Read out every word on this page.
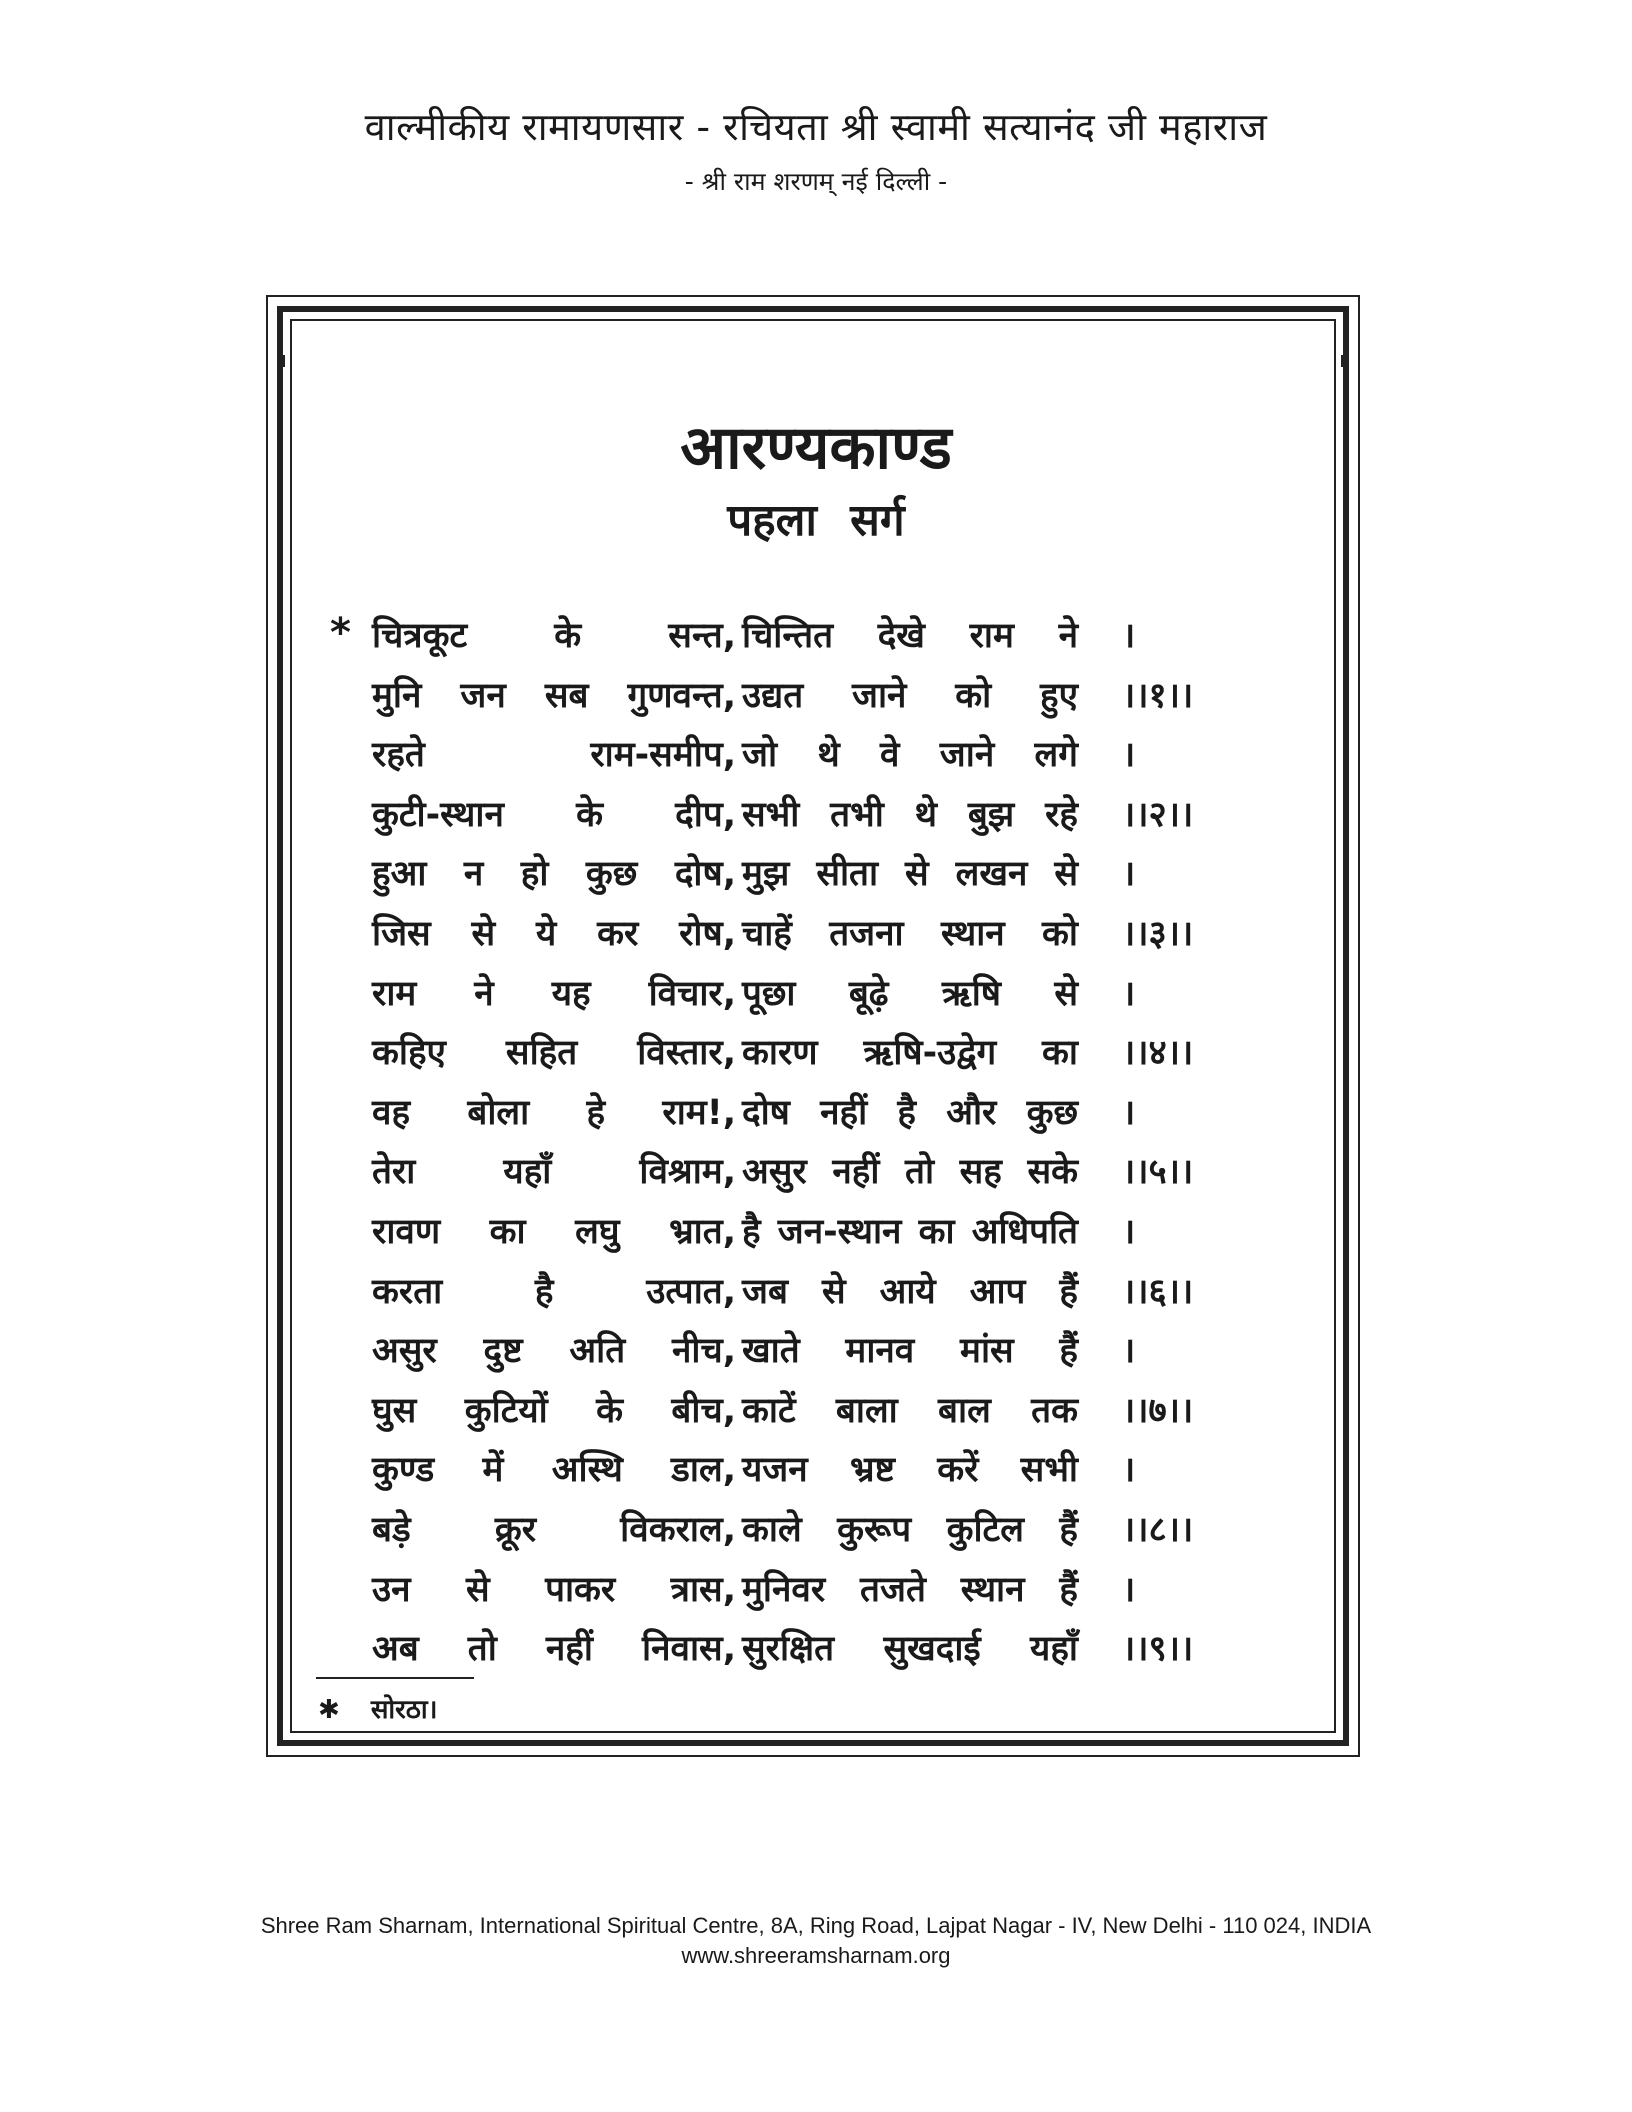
वाल्मीकीय रामायणसार - रचियता श्री स्वामी सत्यानंद जी महाराज
- श्री राम शरणम् नई दिल्ली -
आरण्यकाण्ड
पहला सर्ग
* चित्रकूट के सन्त, चिन्तित देखे राम ने ।
मुनि जन सब गुणवन्त, उद्यत जाने को हुए ।।१।।
रहते राम-समीप, जो थे वे जाने लगे ।
कुटी-स्थान के दीप, सभी तभी थे बुझ रहे ।।२।।
हुआ न हो कुछ दोष, मुझ सीता से लखन से ।
जिस से ये कर रोष, चाहें तजना स्थान को ।।३।।
राम ने यह विचार, पूछा बूढ़े ऋषि से ।
कहिए सहित विस्तार, कारण ऋषि-उद्वेग का ।।४।।
वह बोला हे राम!, दोष नहीं है और कुछ ।
तेरा यहाँ विश्राम, असुर नहीं तो सह सके ।।५।।
रावण का लघु भ्रात, है जन-स्थान का अधिपति ।
करता है उत्पात, जब से आये आप हैं ।।६।।
असुर दुष्ट अति नीच, खाते मानव मांस हैं ।
घुस कुटियों के बीच, काटें बाला बाल तक ।।७।।
कुण्ड में अस्थि डाल, यजन भ्रष्ट करें सभी ।
बड़े क्रूर विकराल, काले कुरूप कुटिल हैं ।।८।।
उन से पाकर त्रास, मुनिवर तजते स्थान हैं ।
अब तो नहीं निवास, सुरक्षित सुखदाई यहाँ ।।९।।
✱ सोरठा।
Shree Ram Sharnam, International Spiritual Centre, 8A, Ring Road, Lajpat Nagar - IV, New Delhi - 110 024, INDIA
www.shreeramsharnam.org
